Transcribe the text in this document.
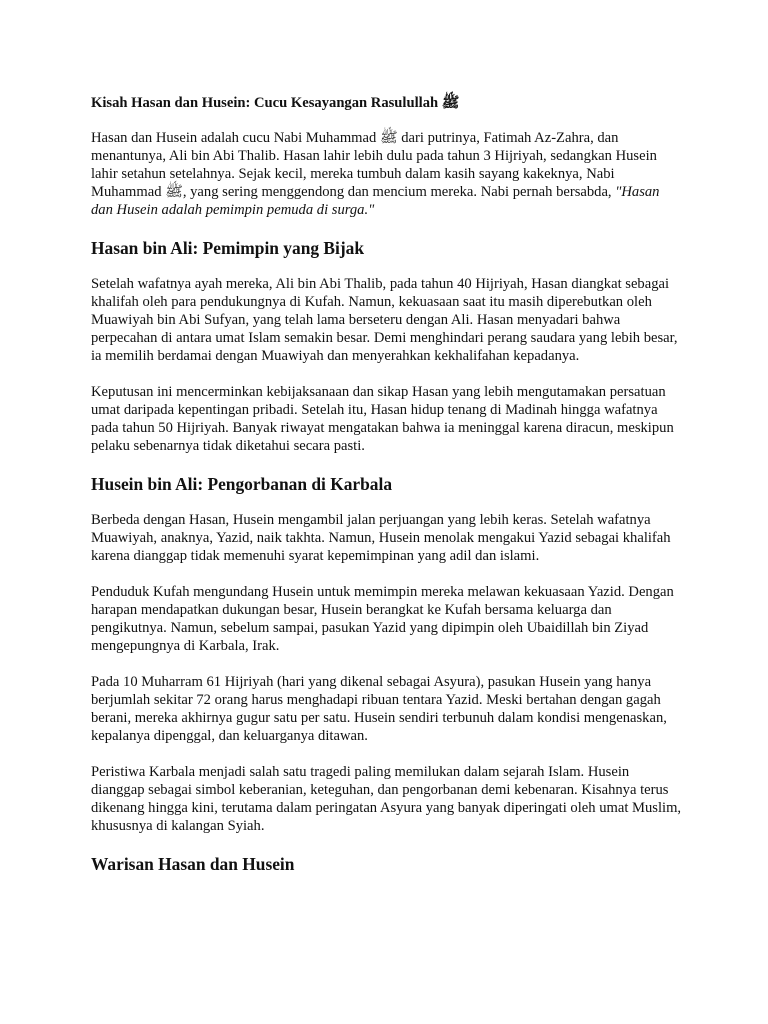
Kisah Hasan dan Husein: Cucu Kesayangan Rasulullah ﷺ

Hasan dan Husein adalah cucu Nabi Muhammad ﷺ dari putrinya, Fatimah Az-Zahra, dan menantunya, Ali bin Abi Thalib. Hasan lahir lebih dulu pada tahun 3 Hijriyah, sedangkan Husein lahir setahun setelahnya. Sejak kecil, mereka tumbuh dalam kasih sayang kakeknya, Nabi Muhammad ﷺ, yang sering menggendong dan mencium mereka. Nabi pernah bersabda, "Hasan dan Husein adalah pemimpin pemuda di surga."

Hasan bin Ali: Pemimpin yang Bijak

Setelah wafatnya ayah mereka, Ali bin Abi Thalib, pada tahun 40 Hijriyah, Hasan diangkat sebagai khalifah oleh para pendukungnya di Kufah. Namun, kekuasaan saat itu masih diperebutkan oleh Muawiyah bin Abi Sufyan, yang telah lama berseteru dengan Ali. Hasan menyadari bahwa perpecahan di antara umat Islam semakin besar. Demi menghindari perang saudara yang lebih besar, ia memilih berdamai dengan Muawiyah dan menyerahkan kekhalifahan kepadanya.

Keputusan ini mencerminkan kebijaksanaan dan sikap Hasan yang lebih mengutamakan persatuan umat daripada kepentingan pribadi. Setelah itu, Hasan hidup tenang di Madinah hingga wafatnya pada tahun 50 Hijriyah. Banyak riwayat mengatakan bahwa ia meninggal karena diracun, meskipun pelaku sebenarnya tidak diketahui secara pasti.

Husein bin Ali: Pengorbanan di Karbala

Berbeda dengan Hasan, Husein mengambil jalan perjuangan yang lebih keras. Setelah wafatnya Muawiyah, anaknya, Yazid, naik takhta. Namun, Husein menolak mengakui Yazid sebagai khalifah karena dianggap tidak memenuhi syarat kepemimpinan yang adil dan islami.

Penduduk Kufah mengundang Husein untuk memimpin mereka melawan kekuasaan Yazid. Dengan harapan mendapatkan dukungan besar, Husein berangkat ke Kufah bersama keluarga dan pengikutnya. Namun, sebelum sampai, pasukan Yazid yang dipimpin oleh Ubaidillah bin Ziyad mengepungnya di Karbala, Irak.

Pada 10 Muharram 61 Hijriyah (hari yang dikenal sebagai Asyura), pasukan Husein yang hanya berjumlah sekitar 72 orang harus menghadapi ribuan tentara Yazid. Meski bertahan dengan gagah berani, mereka akhirnya gugur satu per satu. Husein sendiri terbunuh dalam kondisi mengenaskan, kepalanya dipenggal, dan keluarganya ditawan.

Peristiwa Karbala menjadi salah satu tragedi paling memilukan dalam sejarah Islam. Husein dianggap sebagai simbol keberanian, keteguhan, dan pengorbanan demi kebenaran. Kisahnya terus dikenang hingga kini, terutama dalam peringatan Asyura yang banyak diperingati oleh umat Muslim, khususnya di kalangan Syiah.

Warisan Hasan dan Husein
